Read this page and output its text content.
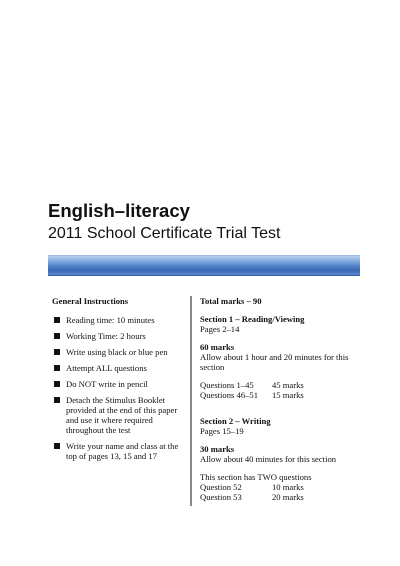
English–literacy
2011 School Certificate Trial Test
General Instructions
Reading time: 10 minutes
Working Time: 2 hours
Write using black or blue pen
Attempt ALL questions
Do NOT write in pencil
Detach the Stimulus Booklet provided at the end of this paper and use it where required throughout the test
Write your name and class at the top of pages 13, 15 and 17
Total marks – 90
Section 1 – Reading/Viewing
Pages 2–14
60 marks
Allow about 1 hour and 20 minutes for this section
Questions 1–45	45 marks
Questions 46–51	15 marks
Section 2 – Writing
Pages 15–19
30 marks
Allow about 40 minutes for this section
This section has TWO questions
Question 52	10 marks
Question 53	20 marks
